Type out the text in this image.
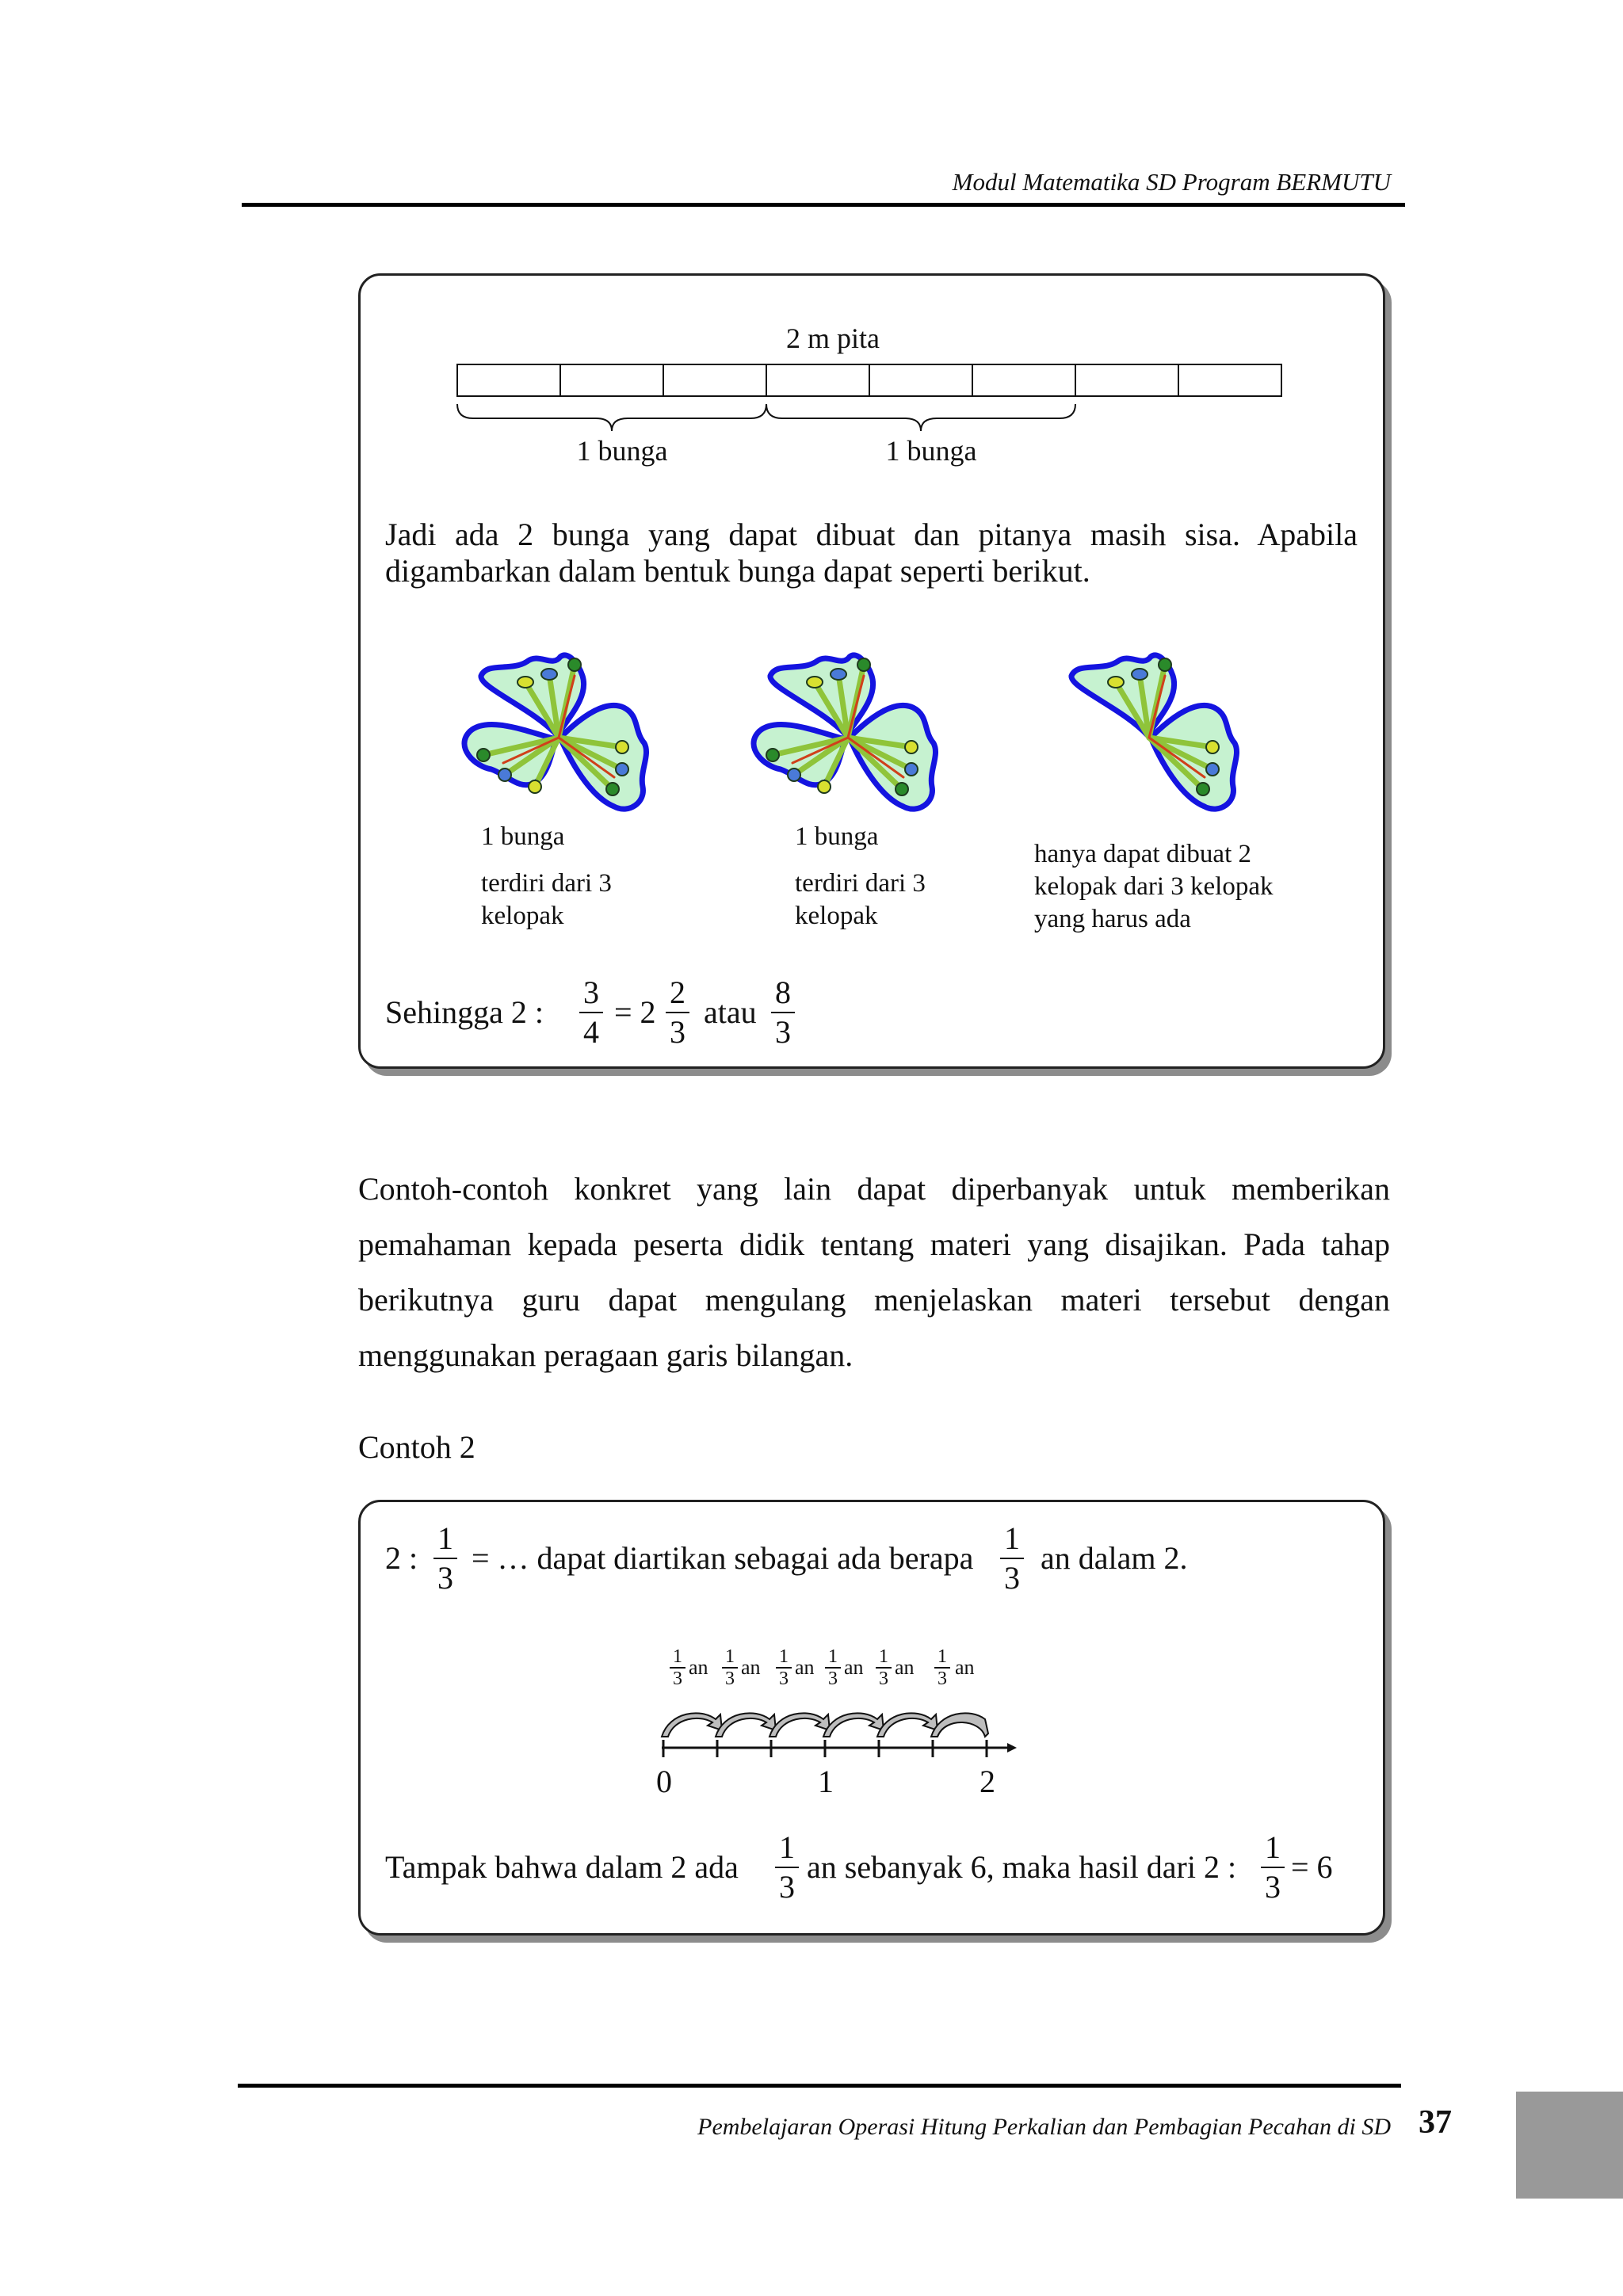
Modul Matematika SD Program BERMUTU
2 m pita
1 bunga	1 bunga
Jadi ada 2 bunga yang dapat dibuat dan pitanya masih sisa. Apabila digambarkan dalam bentuk bunga dapat seperti berikut.
1 bunga
terdiri dari 3
kelopak
1 bunga
terdiri dari 3
kelopak
hanya dapat dibuat 2
kelopak dari 3 kelopak
yang harus ada
Sehingga 2 :
3
4
= 2
2
3
atau
8
3
Contoh-contoh konkret yang lain dapat diperbanyak untuk memberikan
pemahaman kepada peserta didik tentang materi yang disajikan. Pada tahap
berikutnya guru dapat mengulang menjelaskan materi tersebut dengan
menggunakan peragaan garis bilangan.
Contoh 2
2 :
1
3
= … dapat diartikan sebagai ada berapa
1
3
an dalam 2.
1
3 an 1
3 an 1
3 an 1
3 an 1
3 an 1
3 an
0	1	2
Tampak bahwa dalam 2 ada
1
3
an sebanyak 6, maka hasil dari 2 :
1
3
= 6
Pembelajaran Operasi Hitung Perkalian dan Pembagian Pecahan di SD 37
